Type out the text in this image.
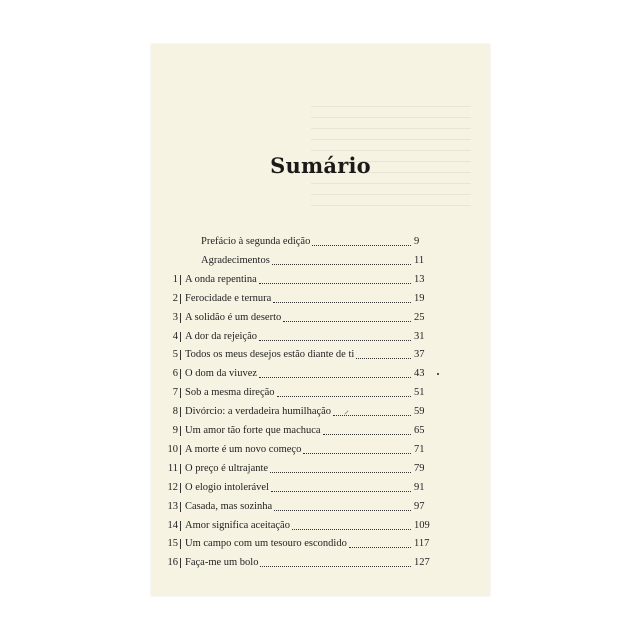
Sumário
Prefácio à segunda edição	9
Agradecimentos	11
1 A onda repentina	13
2 Ferocidade e ternura	19
3 A solidão é um deserto	25
4 A dor da rejeição	31
5 Todos os meus desejos estão diante de ti	37
6 O dom da viuvez	43
7 Sob a mesma direção	51
8 Divórcio: a verdadeira humilhação	59
9 Um amor tão forte que machuca	65
10 A morte é um novo começo	71
11 O preço é ultrajante	79
12 O elogio intolerável	91
13 Casada, mas sozinha	97
14 Amor significa aceitação	109
15 Um campo com um tesouro escondido	117
16 Faça-me um bolo	127
